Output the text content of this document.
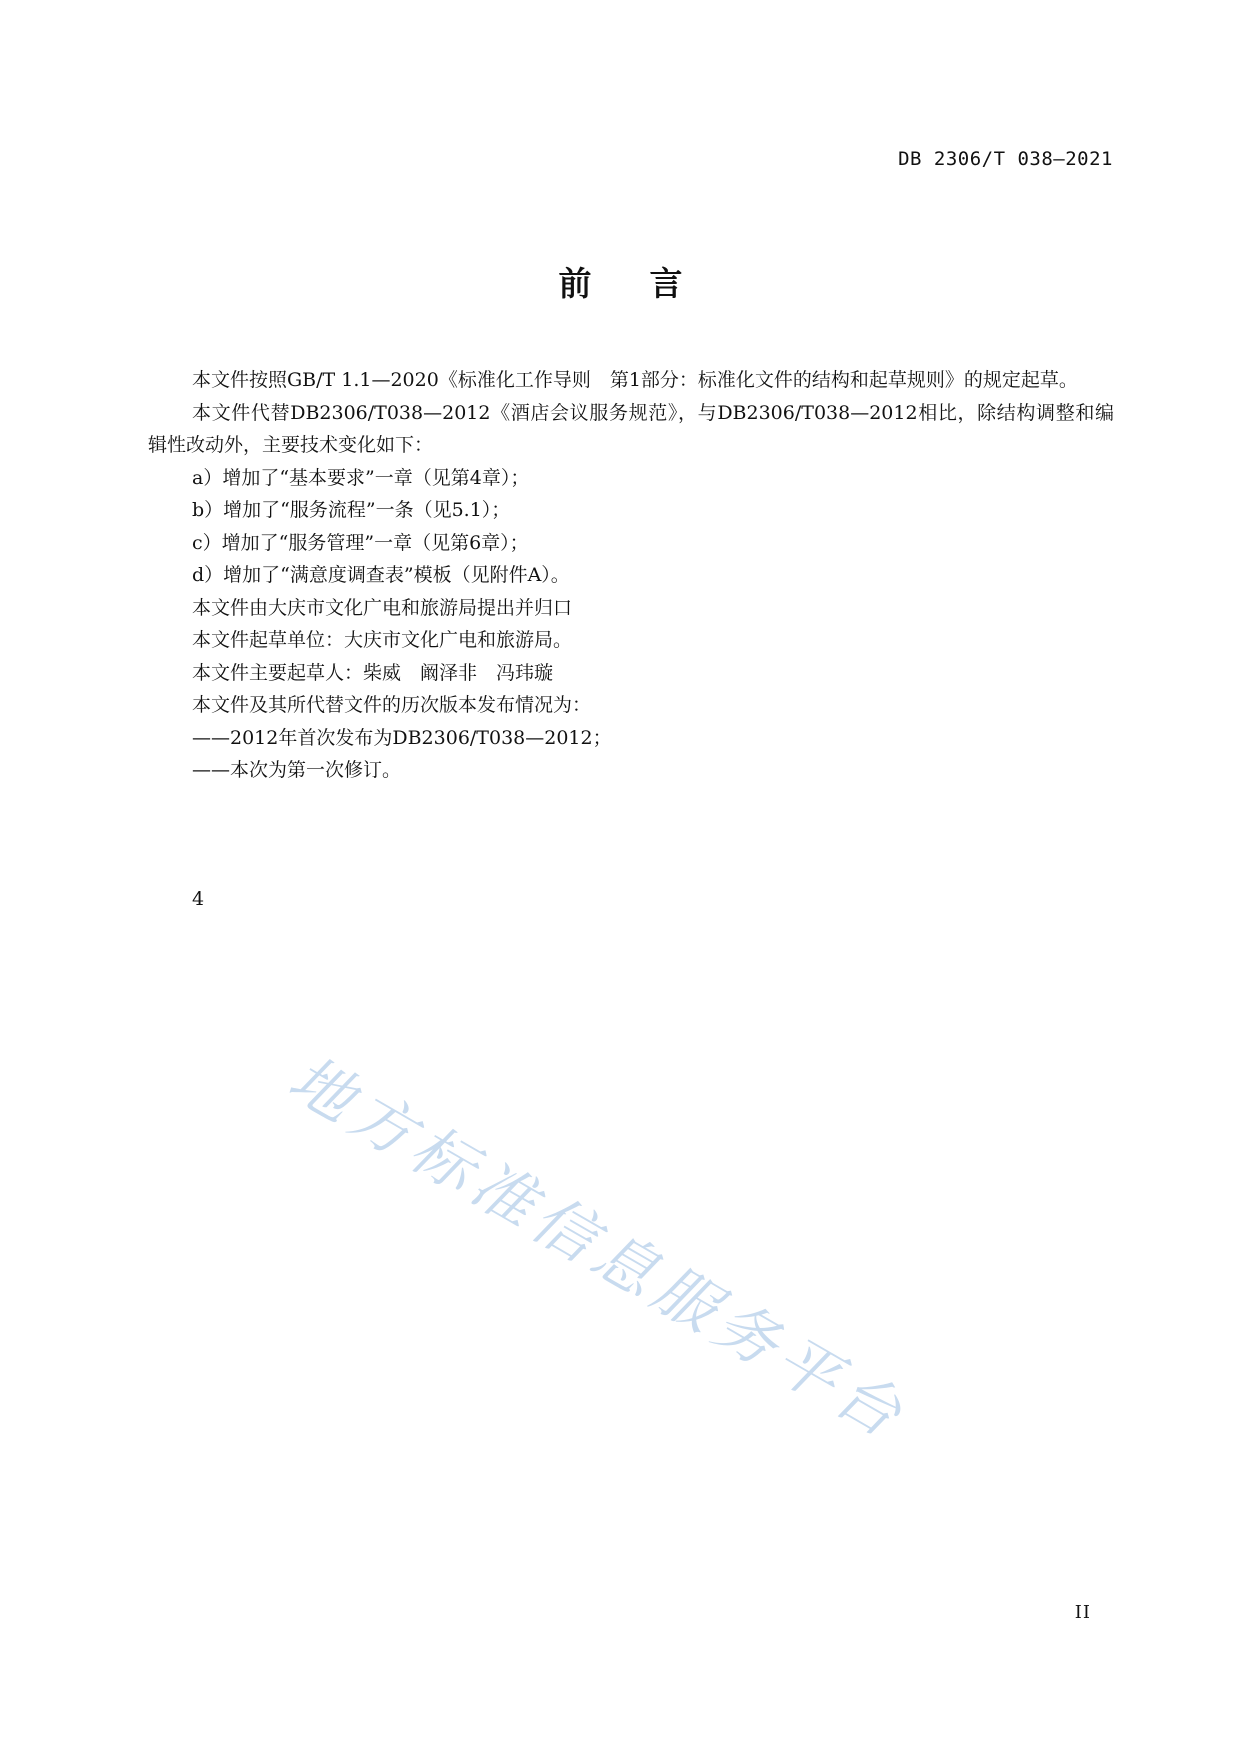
DB 2306/T 038—2021
前言

本文件按照GB/T 1.1—2020《标准化工作导则　第1部分：标准化文件的结构和起草规则》的规定起草。

本文件代替DB2306/T038—2012《酒店会议服务规范》，与DB2306/T038—2012相比，除结构调整和编辑性改动外，主要技术变化如下：

a）增加了“基本要求”一章（见第4章）；

b）增加了“服务流程”一条（见5.1）；

c）增加了“服务管理”一章（见第6章）；

d）增加了“满意度调查表”模板（见附件A）。

本文件由大庆市文化广电和旅游局提出并归口

本文件起草单位：大庆市文化广电和旅游局。

本文件主要起草人：柴威　阚泽非　冯玮璇

本文件及其所代替文件的历次版本发布情况为：

——2012年首次发布为DB2306/T038—2012；

——本次为第一次修订。

4
地方标准信息服务平台
II
